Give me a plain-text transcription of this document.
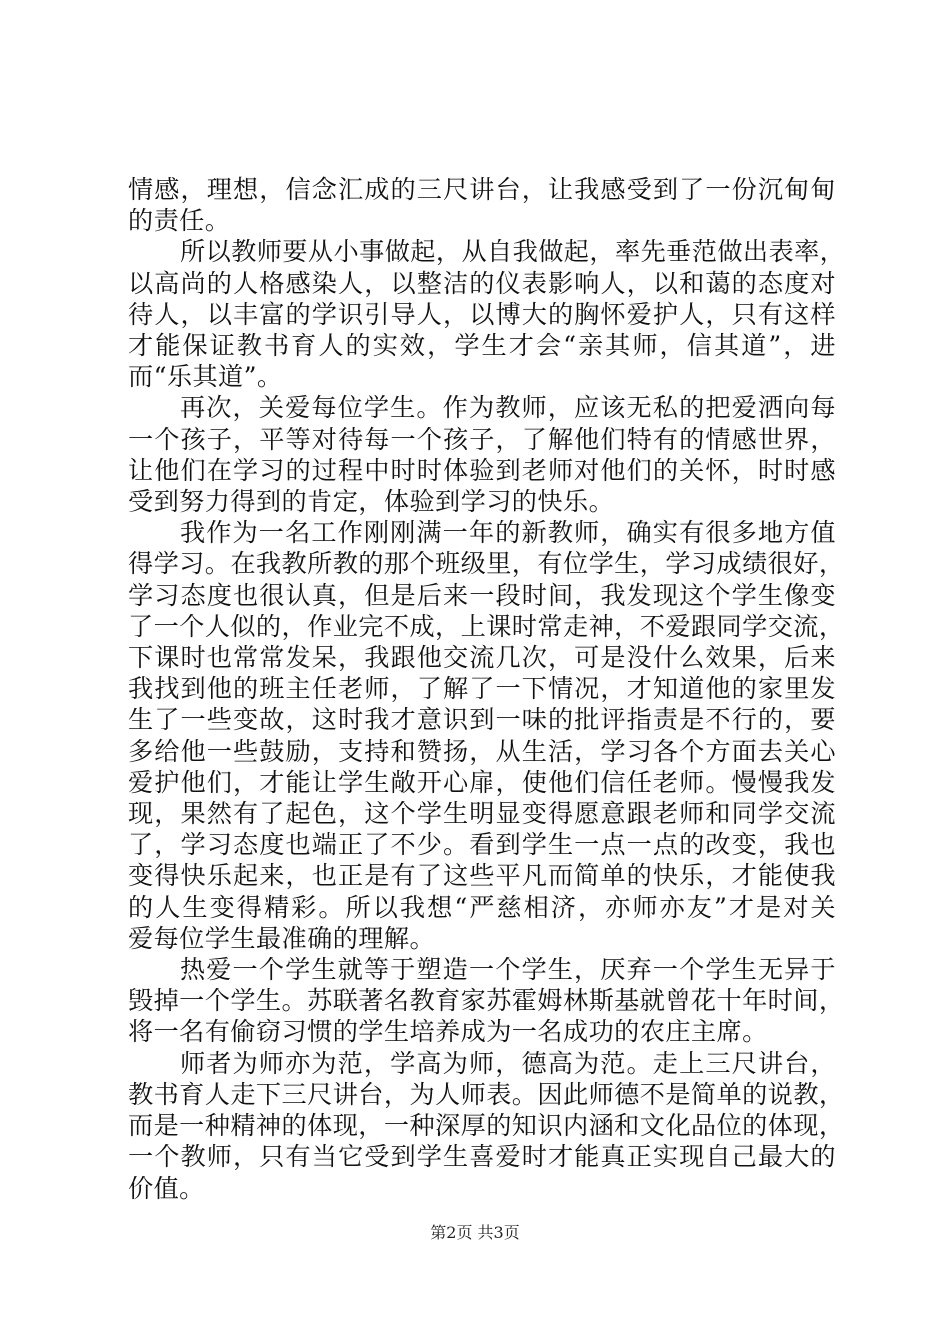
情感，理想，信念汇成的三尺讲台，让我感受到了一份沉甸甸
的责任。

所以教师要从小事做起，从自我做起，率先垂范做出表率，
以高尚的人格感染人，以整洁的仪表影响人，以和蔼的态度对
待人，以丰富的学识引导人，以博大的胸怀爱护人，只有这样
才能保证教书育人的实效，学生才会“亲其师，信其道”，进
而“乐其道”。

再次，关爱每位学生。作为教师，应该无私的把爱洒向每
一个孩子，平等对待每一个孩子，了解他们特有的情感世界，
让他们在学习的过程中时时体验到老师对他们的关怀，时时感
受到努力得到的肯定，体验到学习的快乐。

我作为一名工作刚刚满一年的新教师，确实有很多地方值
得学习。在我教所教的那个班级里，有位学生，学习成绩很好，
学习态度也很认真，但是后来一段时间，我发现这个学生像变
了一个人似的，作业完不成，上课时常走神，不爱跟同学交流，
下课时也常常发呆，我跟他交流几次，可是没什么效果，后来
我找到他的班主任老师，了解了一下情况，才知道他的家里发
生了一些变故，这时我才意识到一味的批评指责是不行的，要
多给他一些鼓励，支持和赞扬，从生活，学习各个方面去关心
爱护他们，才能让学生敞开心扉，使他们信任老师。慢慢我发
现，果然有了起色，这个学生明显变得愿意跟老师和同学交流
了，学习态度也端正了不少。看到学生一点一点的改变，我也
变得快乐起来，也正是有了这些平凡而简单的快乐，才能使我
的人生变得精彩。所以我想“严慈相济，亦师亦友”才是对关
爱每位学生最准确的理解。

热爱一个学生就等于塑造一个学生，厌弃一个学生无异于
毁掉一个学生。苏联著名教育家苏霍姆林斯基就曾花十年时间，
将一名有偷窃习惯的学生培养成为一名成功的农庄主席。

师者为师亦为范，学高为师，德高为范。走上三尺讲台，
教书育人走下三尺讲台，为人师表。因此师德不是简单的说教，
而是一种精神的体现，一种深厚的知识内涵和文化品位的体现，
一个教师，只有当它受到学生喜爱时才能真正实现自己最大的
价值。

第2页 共3页
